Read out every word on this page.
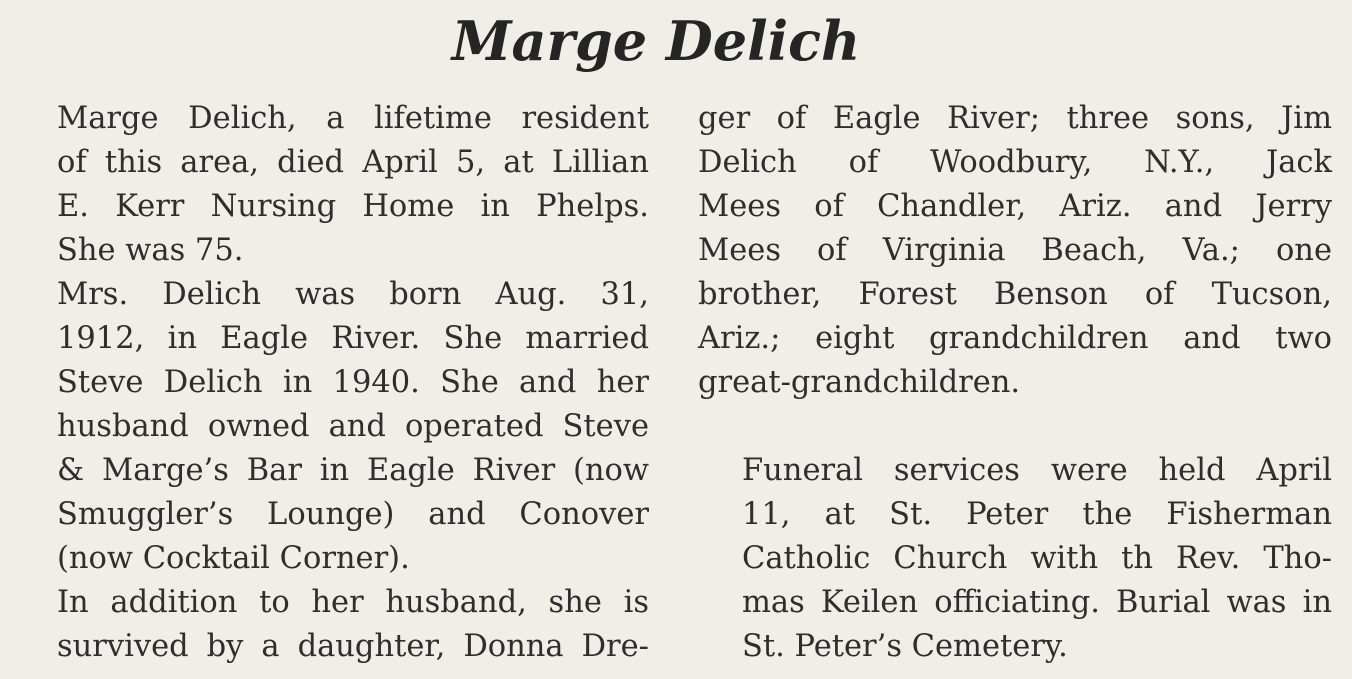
Marge Delich

Marge Delich, a lifetime resident
of this area, died April 5, at Lillian
E. Kerr Nursing Home in Phelps.
She was 75.

Mrs. Delich was born Aug. 31,
1912, in Eagle River. She married
Steve Delich in 1940. She and her
husband owned and operated Steve
& Marge’s Bar in Eagle River (now
Smuggler’s Lounge) and Conover
(now Cocktail Corner).

In addition to her husband, she is
survived by a daughter, Donna Dre-

ger of Eagle River; three sons, Jim
Delich of Woodbury, N.Y., Jack
Mees of Chandler, Ariz. and Jerry
Mees of Virginia Beach, Va.; one
brother, Forest Benson of Tucson,
Ariz.; eight grandchildren and two
great-grandchildren.

Funeral services were held April
11, at St. Peter the Fisherman
Catholic Church with th Rev. Tho-
mas Keilen officiating. Burial was in
St. Peter’s Cemetery.
